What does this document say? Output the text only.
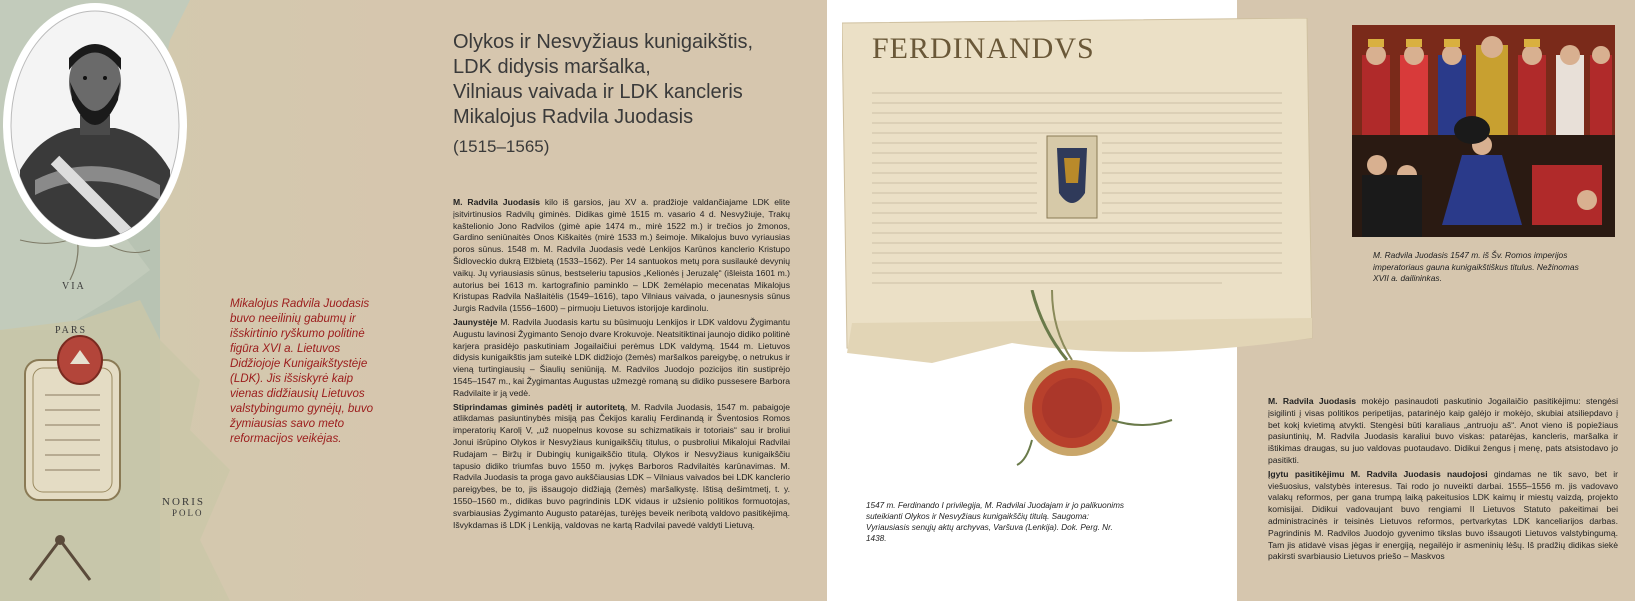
VIA
PARS
NORIS
POLO
Mikalojus Radvila Juodasis buvo neeilinių gabumų ir išskirtinio ryškumo politinė figūra XVI a. Lietuvos Didžiojoje Kunigaikštystėje (LDK). Jis išsiskyrė kaip vienas didžiausių Lietuvos valstybingumo gynėjų, buvo žymiausias savo meto reformacijos veikėjas.
Olykos ir Nesvyžiaus kunigaikštis,
LDK didysis maršalka,
Vilniaus vaivada ir LDK kancleris
Mikalojus Radvila Juodasis
(1515–1565)

M. Radvila Juodasis kilo iš garsios, jau XV a. pradžioje valdančiajame LDK elite įsitvirtinusios Radvilų giminės. Didikas gimė 1515 m. vasario 4 d. Nesvyžiuje, Trakų kaštelionio Jono Radvilos (gimė apie 1474 m., mirė 1522 m.) ir trečios jo žmonos, Gardino seniūnaitės Onos Kiškaitės (mirė 1533 m.) šeimoje. Mikalojus buvo vyriausias poros sūnus. 1548 m. M. Radvila Juodasis vedė Lenkijos Karūnos kanclerio Kristupo Šidloveckio dukrą Elžbietą (1533–1562). Per 14 santuokos metų pora susilaukė devynių vaikų. Jų vyriausiasis sūnus, bestseleriu tapusios „Kelionės į Jeruzalę“ (išleista 1601 m.) autorius bei 1613 m. kartografinio paminklo – LDK žemėlapio mecenatas Mikalojus Kristupas Radvila Našlaitėlis (1549–1616), tapo Vilniaus vaivada, o jaunesnysis sūnus Jurgis Radvila (1556–1600) – pirmuoju Lietuvos istorijoje kardinolu.

Jaunystėje M. Radvila Juodasis kartu su būsimuoju Lenkijos ir LDK valdovu Žygimantu Augustu lavinosi Žygimanto Senojo dvare Krokuvoje. Neatsitiktinai jaunojo didiko politinė karjera prasidėjo paskutiniam Jogailaičiui perėmus LDK valdymą. 1544 m. Lietuvos didysis kunigaikštis jam suteikė LDK didžiojo (žemės) maršalkos pareigybę, o netrukus ir vieną turtingiausių – Šiaulių seniūniją. M. Radvilos Juodojo pozicijos itin sustiprėjo 1545–1547 m., kai Žygimantas Augustas užmezgė romaną su didiko pussesere Barbora Radvilaite ir ją vedė.

Stiprindamas giminės padėtį ir autoritetą, M. Radvila Juodasis, 1547 m. pabaigoje atlikdamas pasiuntinybės misiją pas Čekijos karalių Ferdinandą ir Šventosios Romos imperatorių Karolį V, „už nuopelnus kovose su schizmatikais ir totoriais“ sau ir broliui Jonui išrūpino Olykos ir Nesvyžiaus kunigaikščių titulus, o pusbroliui Mikalojui Radvilai Rudajam – Biržų ir Dubingių kunigaikščio titulą. Olykos ir Nesvyžiaus kunigaikščiu tapusio didiko triumfas buvo 1550 m. įvykęs Barboros Radvilaitės karūnavimas. M. Radvila Juodasis ta proga gavo aukščiausias LDK – Vilniaus vaivados bei LDK kanclerio pareigybes, be to, jis išsaugojo didžiąją (žemės) maršalkystę. Ištisą dešimtmetį, t. y. 1550–1560 m., didikas buvo pagrindinis LDK vidaus ir užsienio politikos formuotojas, svarbiausias Žygimanto Augusto patarėjas, turėjęs beveik neribotą valdovo pasitikėjimą. Išvykdamas iš LDK į Lenkiją, valdovas ne kartą Radvilai pavedė valdyti Lietuvą.

FERDINANDVS
1547 m. Ferdinando I privilegija, M. Radvilai Juodajam ir jo palikuonims suteikianti Olykos ir Nesvyžiaus kunigaikščių titulą. Saugoma: Vyriausiasis senųjų aktų archyvas, Varšuva (Lenkija). Dok. Perg. Nr. 1438.
M. Radvila Juodasis 1547 m. iš Šv. Romos imperijos imperatoriaus gauna kunigaikštiškus titulus. Nežinomas XVII a. dailininkas.

M. Radvila Juodasis mokėjo pasinaudoti paskutinio Jogailaičio pasitikėjimu: stengėsi įsigilinti į visas politikos peripetijas, patarinėjo kaip galėjo ir mokėjo, skubiai atsiliepdavo į bet kokį kvietimą atvykti. Stengėsi būti karaliaus „antruoju aš“. Anot vieno iš popiežiaus pasiuntinių, M. Radvila Juodasis karaliui buvo viskas: patarėjas, kancleris, maršalka ir ištikimas draugas, su juo valdovas puotaudavo. Didikui žengus į menę, pats atsistodavo jo pasitikti.

Įgytu pasitikėjimu M. Radvila Juodasis naudojosi gindamas ne tik savo, bet ir viešuosius, valstybės interesus. Tai rodo jo nuveikti darbai. 1555–1556 m. jis vadovavo valakų reformos, per gana trumpą laiką pakeitusios LDK kaimų ir miestų vaizdą, projekto komisijai. Didikui vadovaujant buvo rengiami II Lietuvos Statuto pakeitimai bei administracinės ir teisinės Lietuvos reformos, pertvarkytas LDK kanceliarijos darbas. Pagrindinis M. Radvilos Juodojo gyvenimo tikslas buvo išsaugoti Lietuvos valstybingumą. Tam jis atidavė visas jėgas ir energiją, negailėjo ir asmeninių lėšų. Iš pradžių didikas siekė pakirsti svarbiausio Lietuvos priešo – Maskvos
